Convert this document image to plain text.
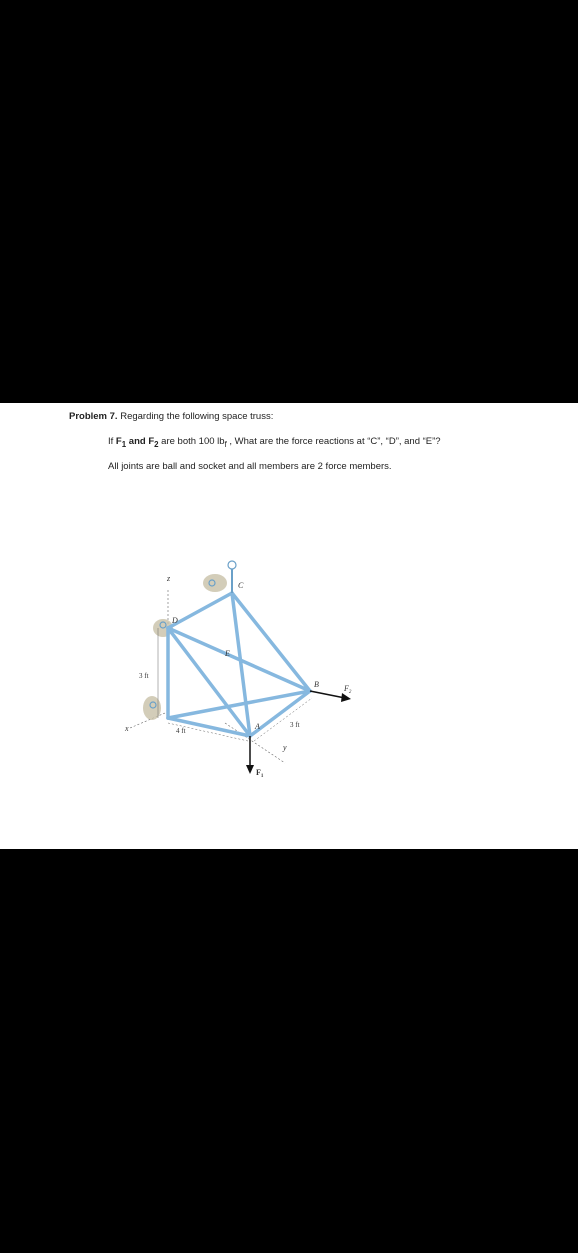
Problem 7. Regarding the following space truss:
If $F_1$ and $F_2$ are both 100 $lb_f$ , What are the force reactions at “C”, “D”, and “E”?
All joints are ball and socket and all members are 2 force members.
z
C
D
E
B
A
x
y
3 ft
4 ft
3 ft
$F_1$
$F_2$
